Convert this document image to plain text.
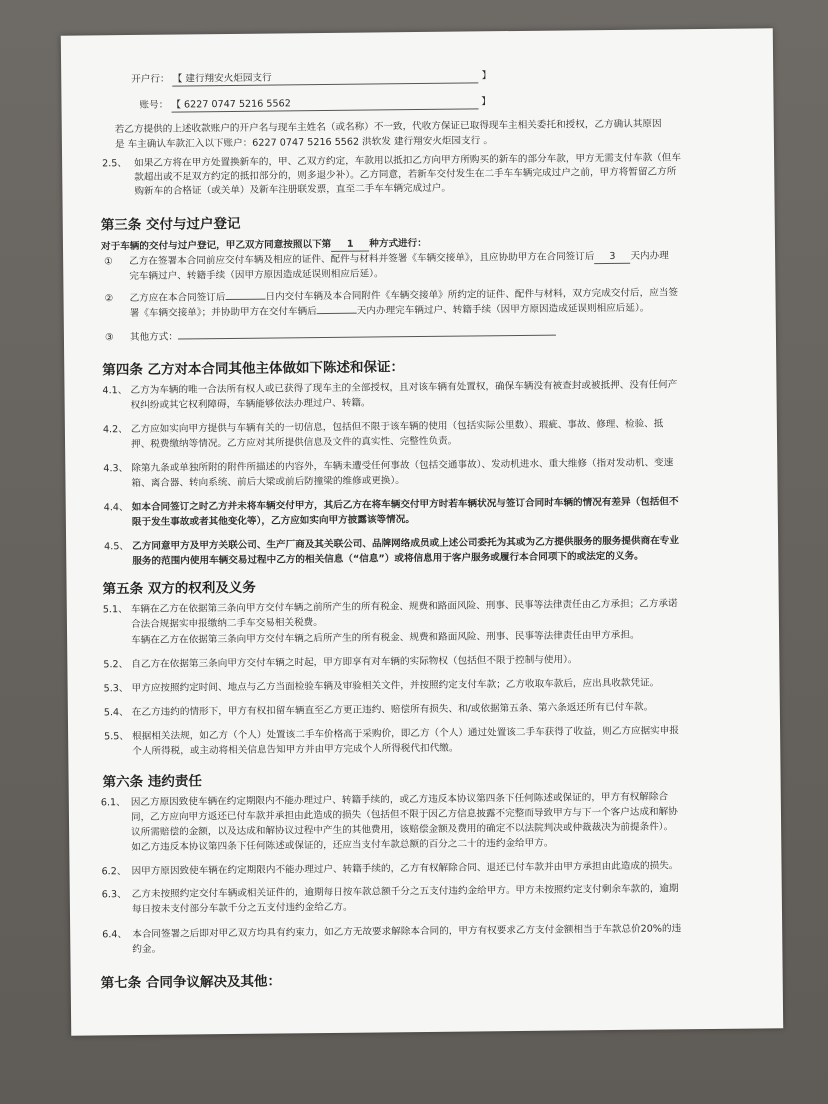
开户行： 【 建行翔安火炬园支行	】
账号： 【 6227 0747 5216 5562	】
若乙方提供的上述收款账户的开户名与现车主姓名（或名称）不一致，代收方保证已取得现车主相关委托和授权，乙方确认其原因
是 车主确认车款汇入以下账户：6227 0747 5216 5562 洪软发 建行翔安火炬园支行 。
2.5、 如果乙方将在甲方处置换新车的，甲、乙双方约定，车款用以抵扣乙方向甲方所购买的新车的部分车款，甲方无需支付车款（但车
款超出或不足双方约定的抵扣部分的，则多退少补）。乙方同意，若新车交付发生在二手车车辆完成过户之前，甲方将暂留乙方所
购新车的合格证（或关单）及新车注册联发票，直至二手车车辆完成过户。
第三条 交付与过户登记
对于车辆的交付与过户登记，甲乙双方同意按照以下第 1 种方式进行：
① 乙方在签署本合同前应交付车辆及相应的证件、配件与材料并签署《车辆交接单》，且应协助甲方在合同签订后 3 天内办理
完车辆过户、转籍手续（因甲方原因造成延误则相应后延）。
② 乙方应在本合同签订后	日内交付车辆及本合同附件《车辆交接单》所约定的证件、配件与材料，双方完成交付后，应当签
署《车辆交接单》；并协助甲方在交付车辆后	天内办理完车辆过户、转籍手续（因甲方原因造成延误则相应后延）。
③ 其他方式：
第四条 乙方对本合同其他主体做如下陈述和保证：
4.1、 乙方为车辆的唯一合法所有权人或已获得了现车主的全部授权，且对该车辆有处置权，确保车辆没有被查封或被抵押、没有任何产
权纠纷或其它权利障碍，车辆能够依法办理过户、转籍。
4.2、 乙方应如实向甲方提供与车辆有关的一切信息，包括但不限于该车辆的使用（包括实际公里数）、瑕疵、事故、修理、检验、抵
押、税费缴纳等情况。乙方应对其所提供信息及文件的真实性、完整性负责。
4.3、 除第九条或单独所附的附件所描述的内容外，车辆未遭受任何事故（包括交通事故）、发动机进水、重大维修（指对发动机、变速
箱、离合器、转向系统、前后大梁或前后防撞梁的维修或更换）。
4.4、 如本合同签订之时乙方并未将车辆交付甲方，其后乙方在将车辆交付甲方时若车辆状况与签订合同时车辆的情况有差异（包括但不
限于发生事故或者其他变化等），乙方应如实向甲方披露该等情况。
4.5、 乙方同意甲方及甲方关联公司、生产厂商及其关联公司、品牌网络成员或上述公司委托为其或为乙方提供服务的服务提供商在专业
服务的范围内使用车辆交易过程中乙方的相关信息（“信息”）或将信息用于客户服务或履行本合同项下的或法定的义务。
第五条 双方的权利及义务
5.1、 车辆在乙方在依据第三条向甲方交付车辆之前所产生的所有税金、规费和路面风险、刑事、民事等法律责任由乙方承担；乙方承诺
合法合规据实申报缴纳二手车交易相关税费。
车辆在乙方在依据第三条向甲方交付车辆之后所产生的所有税金、规费和路面风险、刑事、民事等法律责任由甲方承担。
5.2、 自乙方在依据第三条向甲方交付车辆之时起，甲方即享有对车辆的实际物权（包括但不限于控制与使用）。
5.3、 甲方应按照约定时间、地点与乙方当面检验车辆及审验相关文件，并按照约定支付车款；乙方收取车款后，应出具收款凭证。
5.4、 在乙方违约的情形下，甲方有权扣留车辆直至乙方更正违约、赔偿所有损失、和/或依据第五条、第六条返还所有已付车款。
5.5、 根据相关法规，如乙方（个人）处置该二手车价格高于采购价，即乙方（个人）通过处置该二手车获得了收益，则乙方应据实申报
个人所得税，或主动将相关信息告知甲方并由甲方完成个人所得税代扣代缴。
第六条 违约责任
6.1、 因乙方原因致使车辆在约定期限内不能办理过户、转籍手续的，或乙方违反本协议第四条下任何陈述或保证的，甲方有权解除合
同，乙方应向甲方返还已付车款并承担由此造成的损失（包括但不限于因乙方信息披露不完整而导致甲方与下一个客户达成和解协
议所需赔偿的金额，以及达成和解协议过程中产生的其他费用，该赔偿金额及费用的确定不以法院判决或仲裁裁决为前提条件）。
如乙方违反本协议第四条下任何陈述或保证的，还应当支付车款总额的百分之二十的违约金给甲方。
6.2、 因甲方原因致使车辆在约定期限内不能办理过户、转籍手续的，乙方有权解除合同、退还已付车款并由甲方承担由此造成的损失。
6.3、 乙方未按照约定交付车辆或相关证件的，逾期每日按车款总额千分之五支付违约金给甲方。甲方未按照约定支付剩余车款的，逾期
每日按未支付部分车款千分之五支付违约金给乙方。
6.4、 本合同签署之后即对甲乙双方均具有约束力，如乙方无故要求解除本合同的，甲方有权要求乙方支付金额相当于车款总价20%的违
约金。
第七条 合同争议解决及其他：
